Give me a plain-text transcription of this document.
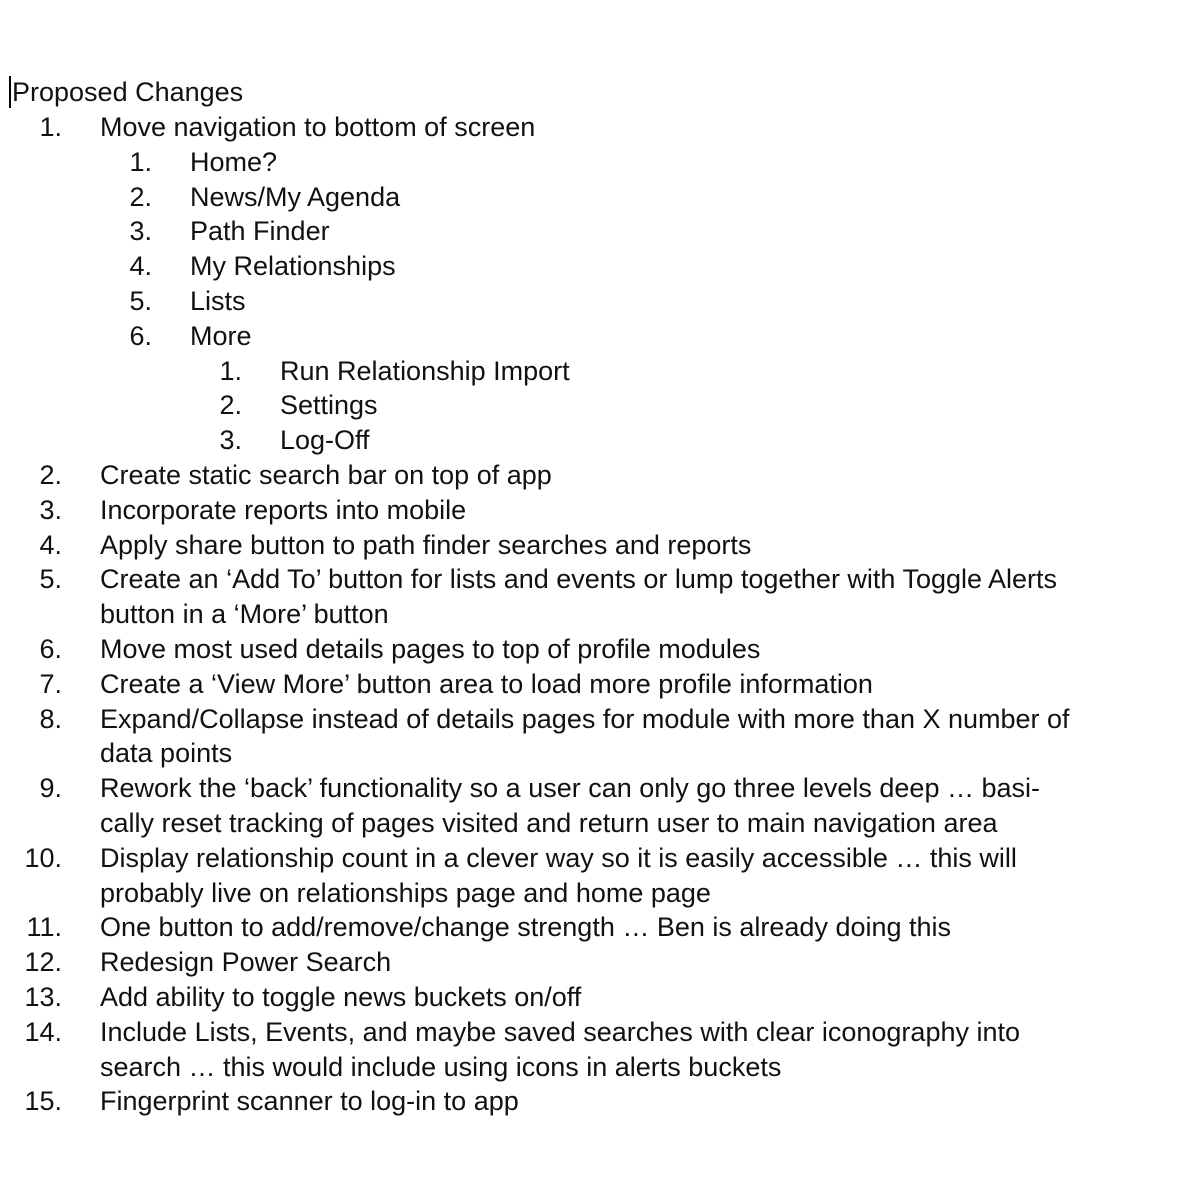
Proposed Changes
1. Move navigation to bottom of screen
1. Home?
2. News/My Agenda
3. Path Finder
4. My Relationships
5. Lists
6. More
1. Run Relationship Import
2. Settings
3. Log-Off
2. Create static search bar on top of app
3. Incorporate reports into mobile
4. Apply share button to path finder searches and reports
5. Create an ‘Add To’ button for lists and events or lump together with Toggle Alerts
button in a ‘More’ button
6. Move most used details pages to top of profile modules
7. Create a ‘View More’ button area to load more profile information
8. Expand/Collapse instead of details pages for module with more than X number of
data points
9. Rework the ‘back’ functionality so a user can only go three levels deep … basi-
cally reset tracking of pages visited and return user to main navigation area
10. Display relationship count in a clever way so it is easily accessible … this will
probably live on relationships page and home page
11. One button to add/remove/change strength … Ben is already doing this
12. Redesign Power Search
13. Add ability to toggle news buckets on/off
14. Include Lists, Events, and maybe saved searches with clear iconography into
search … this would include using icons in alerts buckets
15. Fingerprint scanner to log-in to app
